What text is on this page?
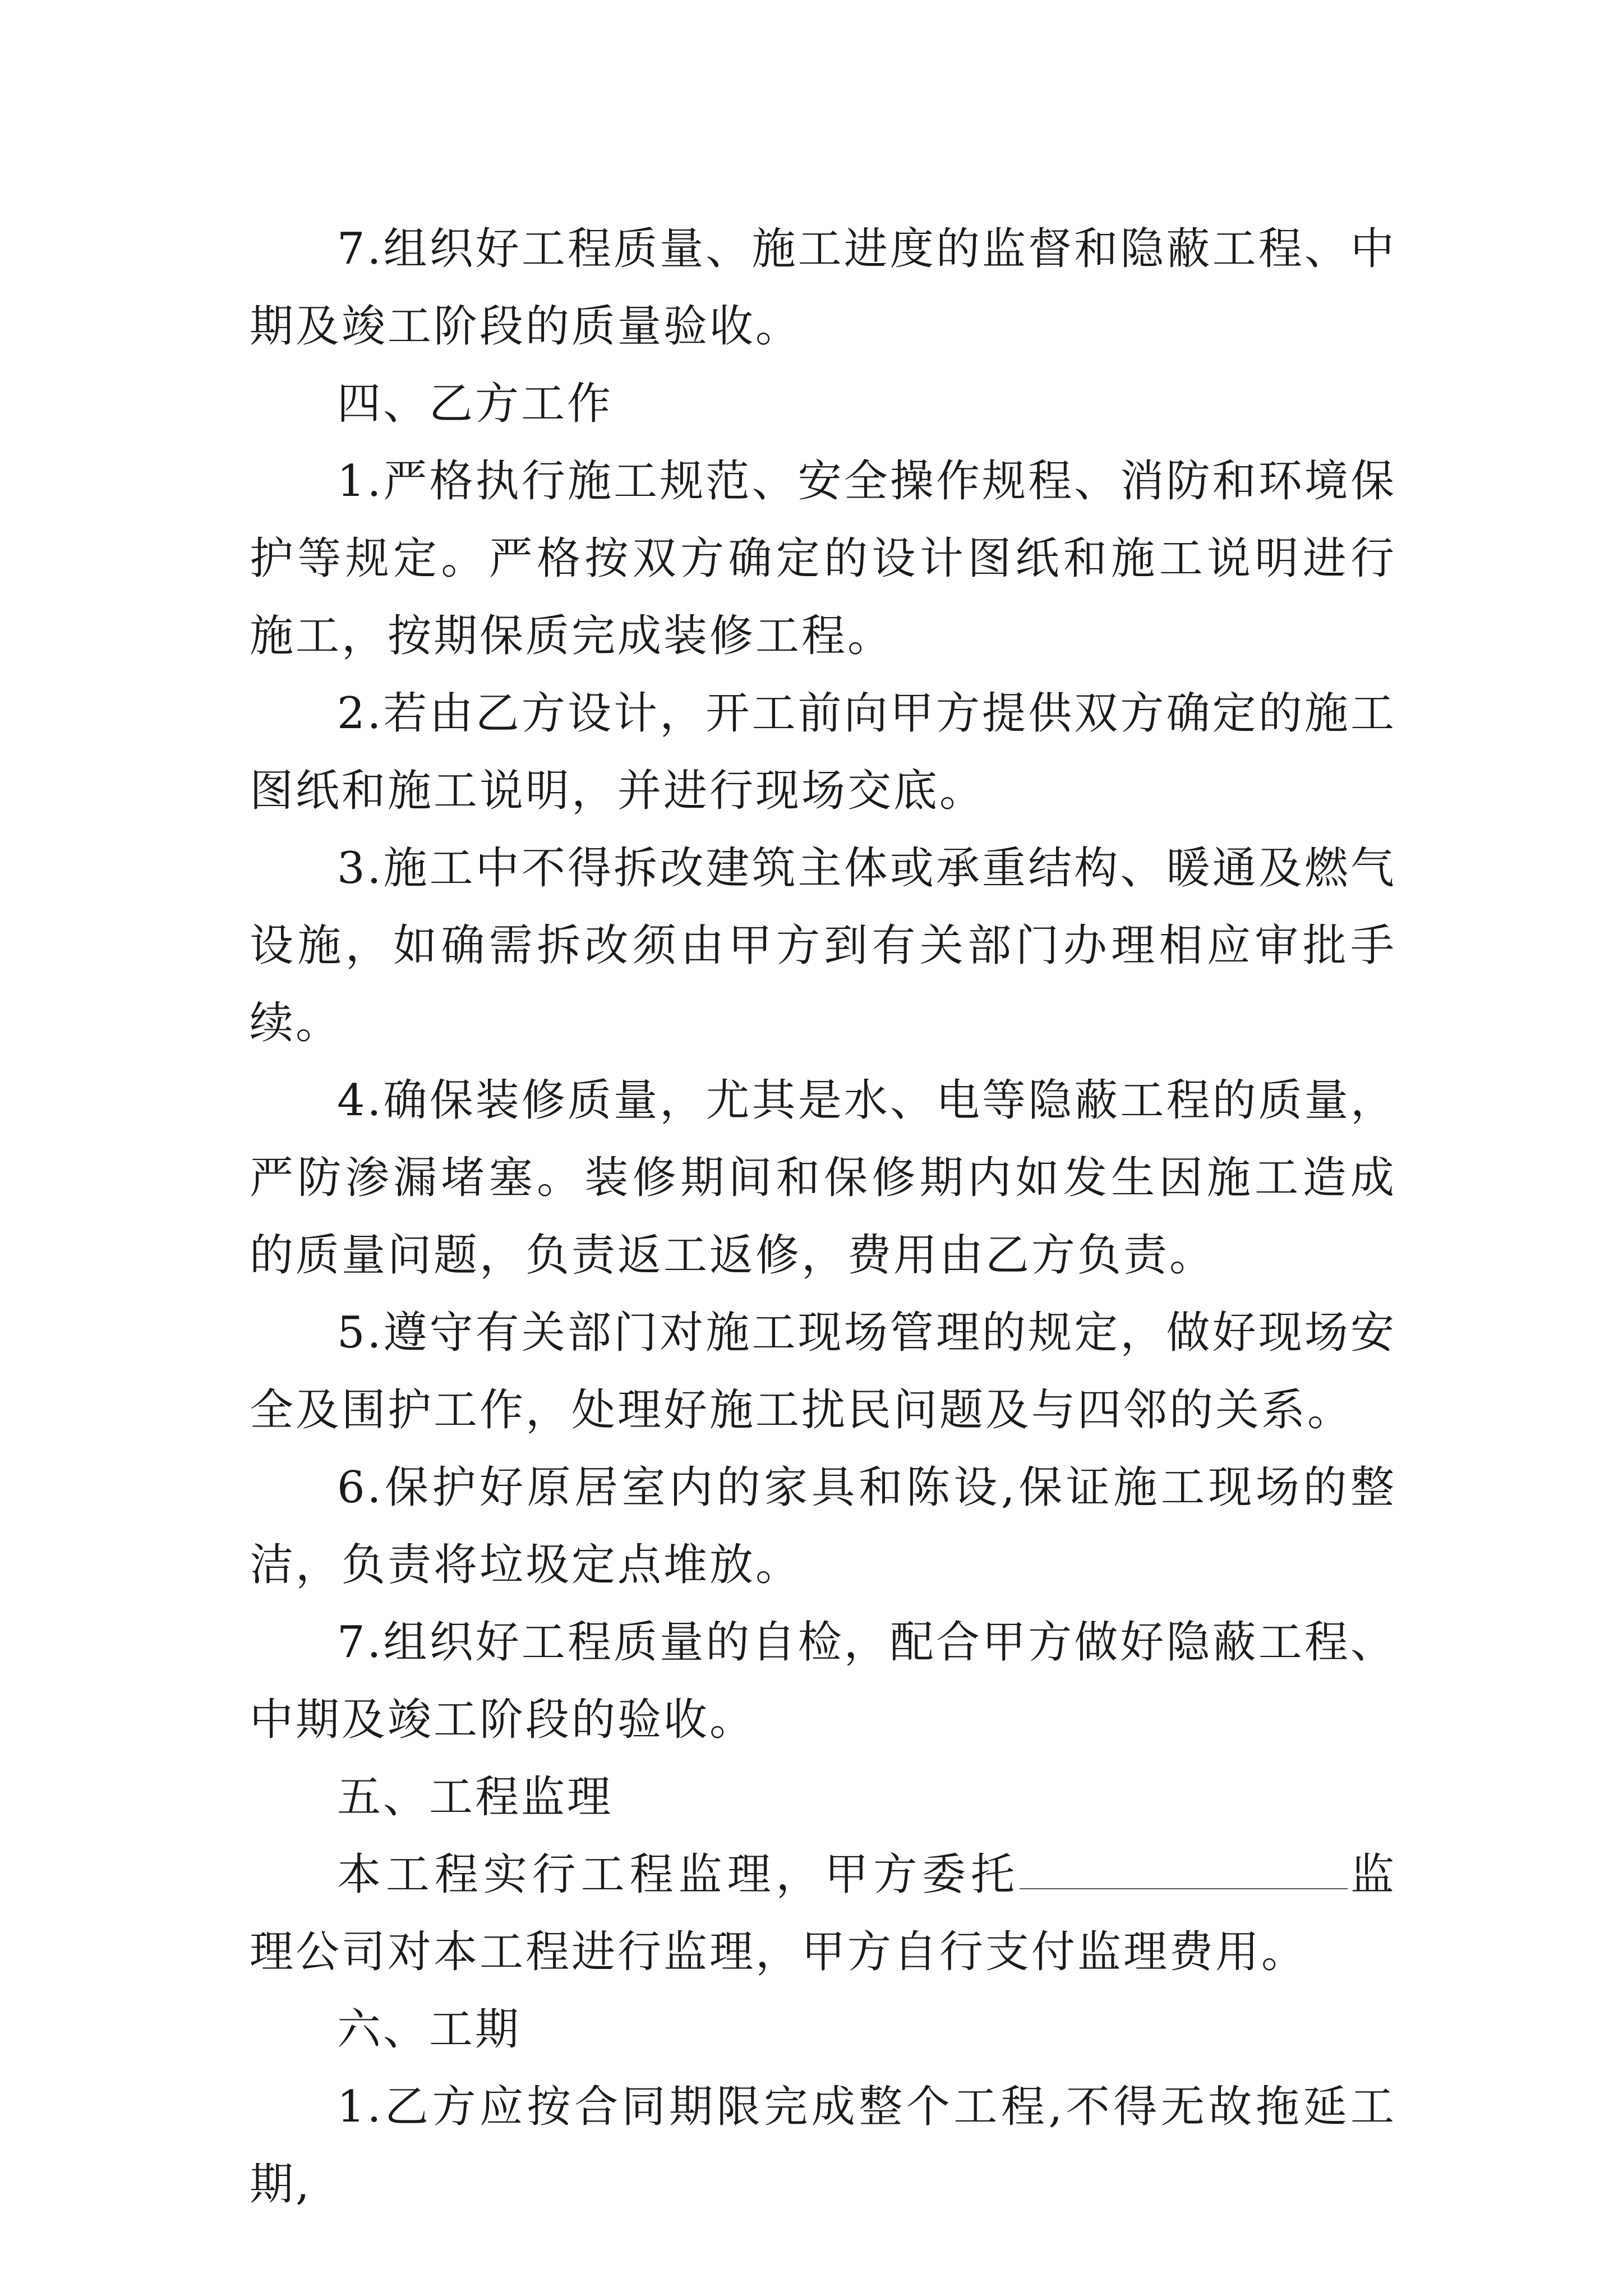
7.组织好工程质量、施工进度的监督和隐蔽工程、中期及竣工阶段的质量验收。

四、乙方工作

1.严格执行施工规范、安全操作规程、消防和环境保护等规定。严格按双方确定的设计图纸和施工说明进行施工，按期保质完成装修工程。

2.若由乙方设计，开工前向甲方提供双方确定的施工图纸和施工说明，并进行现场交底。

3.施工中不得拆改建筑主体或承重结构、暖通及燃气设施，如确需拆改须由甲方到有关部门办理相应审批手续。

4.确保装修质量，尤其是水、电等隐蔽工程的质量，严防渗漏堵塞。装修期间和保修期内如发生因施工造成的质量问题，负责返工返修，费用由乙方负责。

5.遵守有关部门对施工现场管理的规定，做好现场安全及围护工作，处理好施工扰民问题及与四邻的关系。

6.保护好原居室内的家具和陈设,保证施工现场的整洁，负责将垃圾定点堆放。

7.组织好工程质量的自检，配合甲方做好隐蔽工程、中期及竣工阶段的验收。

五、工程监理

本工程实行工程监理，甲方委托	监理公司对本工程进行监理，甲方自行支付监理费用。

六、工期

1.乙方应按合同期限完成整个工程,不得无故拖延工期,
